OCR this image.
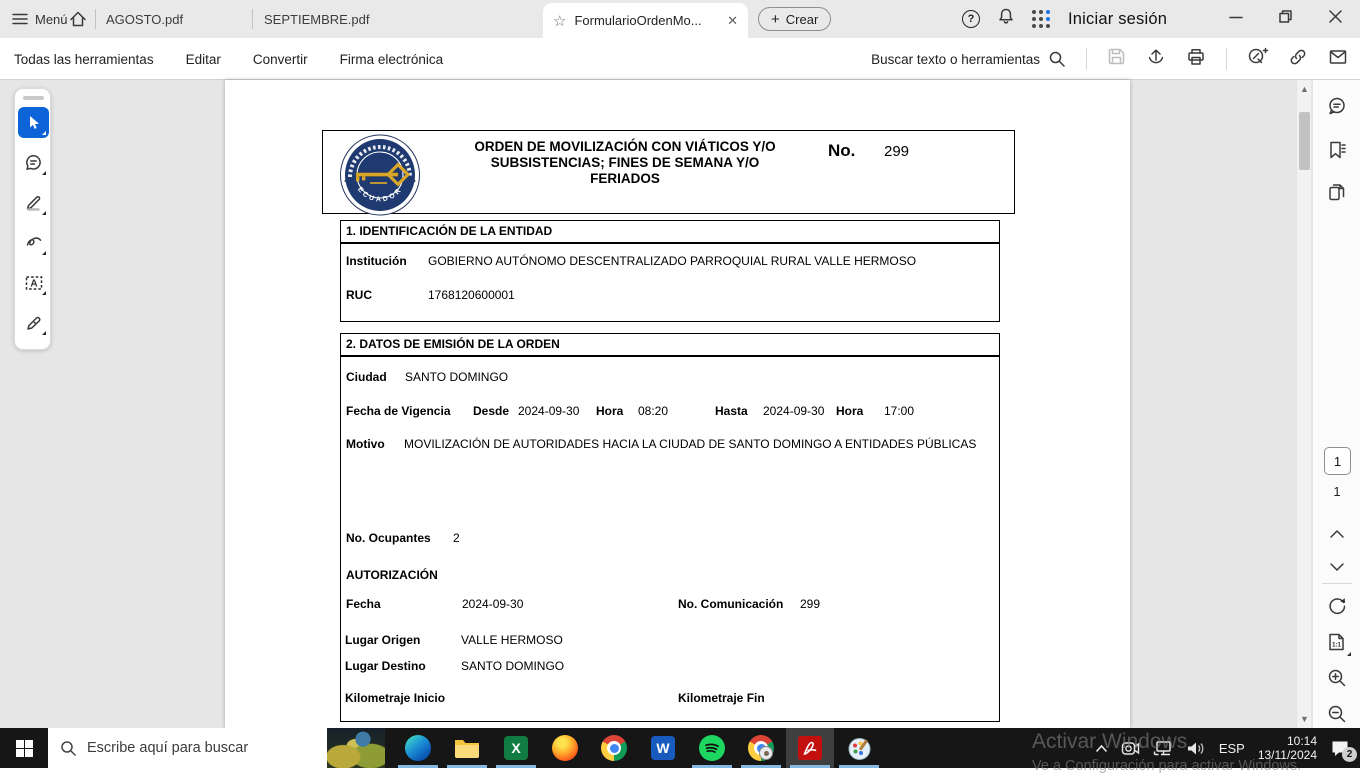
Menú	AGOSTO.pdf	SEPTIEMBRE.pdf	☆ FormularioOrdenMo...	✕ + Crear	?	Iniciar sesión
Todas las herramientas Editar Convertir Firma electrónica	Buscar texto o herramientas
A
ECUADOR
ORDEN DE MOVILIZACIÓN CON VIÁTICOS Y/O
SUBSISTENCIAS; FINES DE SEMANA Y/O
FERIADOS
No. 299
1. IDENTIFICACIÓN DE LA ENTIDAD
Institución GOBIERNO AUTÓNOMO DESCENTRALIZADO PARROQUIAL RURAL VALLE HERMOSO
RUC	1768120600001
2. DATOS DE EMISIÓN DE LA ORDEN
Ciudad SANTO DOMINGO
Fecha de Vigencia Desde 2024-09-30 Hora 08:20	Hasta 2024-09-30 Hora 17:00
Motivo MOVILIZACIÓN DE AUTORIDADES HACIA LA CIUDAD DE SANTO DOMINGO A ENTIDADES PÚBLICAS
No. Ocupantes 2
AUTORIZACIÓN
Fecha	2024-09-30	No. Comunicación 299
Lugar Origen	VALLE HERMOSO
Lugar Destino	SANTO DOMINGO
Kilometraje Inicio	Kilometraje Fin
▲
▼
1
1
1:1
Activar Windows
Ve a Configuración para activar Windows.
Escribe aquí para buscar	X	W	ESP	10:14
13/11/2024	2
